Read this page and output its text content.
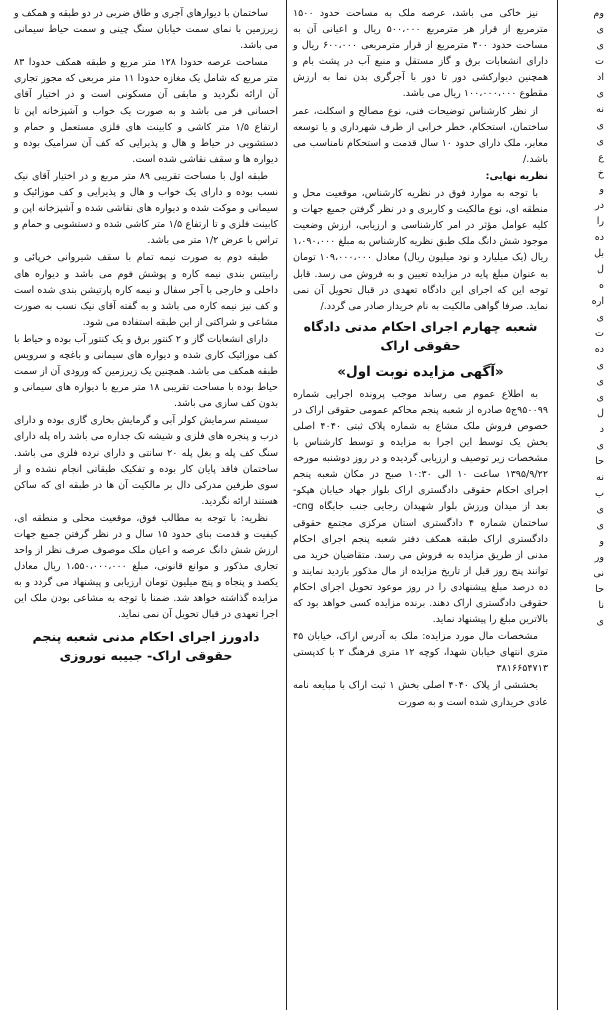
وم
ی
ی
ت
اد
ی
نه
ی
ی
ع
خ
و
در
را
ده
بل
ل
ه
اره
ی
ت
ده
ی
ی
ی
ل
د
ی
حا
نه
ب
ی
ی
و
ور
نی
حا
نا
ی

نیز خاکی می باشد، عرصه ملک به مساحت حدود ۱۵۰۰ مترمربع از قرار هر مترمربع ۵۰۰،۰۰۰ ریال و اعیانی آن به مساحت حدود ۴۰۰ مترمربع از قرار مترمربعی ۶۰۰،۰۰۰ ریال و دارای انشعابات برق و گاز مستقل و منبع آب در پشت بام و همچنین دیوارکشی دور تا دور با آجرگری بدن نما به ارزش مقطوع ۱۰۰،۰۰۰،۰۰۰ ریال می باشد.

از نظر کارشناس توضیحات فنی، نوع مصالح و اسکلت، عمر ساختمان، استحکام، خطر خرابی از طرف شهرداری و یا توسعه معابر، ملک دارای حدود ۱۰ سال قدمت و استحکام نامناسب می باشد./

نظریه نهایی:

با توجه به موارد فوق در نظریه کارشناس، موقعیت محل و منطقه ای، نوع مالکیت و کاربری و در نظر گرفتن جمیع جهات و کلیه عوامل مؤثر در امر کارشناسی و ارزیابی، ارزش وضعیت موجود شش دانگ ملک طبق نظریه کارشناس به مبلغ ۱،۰۹۰،۰۰۰ ریال (یک میلیارد و نود میلیون ریال) معادل ۱۰۹،۰۰۰،۰۰۰ تومان به عنوان مبلغ پایه در مزایده تعیین و به فروش می رسد. قابل توجه این که اجرای این دادگاه تعهدی در قبال تحویل آن نمی نماید. صرفا گواهی مالکیت به نام خریدار صادر می گردد./

شعبه چهارم اجرای احکام مدنی دادگاه حقوقی اراک
«آگهی مزایده نوبت اول»

به اطلاع عموم می رساند موجب پرونده اجرایی شماره ۹۵۰۰۹۹ج۵ صادره از شعبه پنجم محاکم عمومی حقوقی اراک در خصوص فروش ملک مشاع به شماره پلاک ثبتی ۴۰۴۰ اصلی بخش یک توسط این اجرا به مزایده و توسط کارشناس با مشخصات زیر توصیف و ارزیابی گردیده و در روز دوشنبه مورخه ۱۳۹۵/۹/۲۲ ساعت ۱۰ الی ۱۰:۳۰ صبح در مکان شعبه پنجم اجرای احکام حقوقی دادگستری اراک بلوار جهاد خیابان هپکو- بعد از میدان ورزش بلوار شهیدان رجایی جنب جایگاه cng- ساختمان شماره ۴ دادگستری استان مرکزی مجتمع حقوقی دادگستری اراک طبقه همکف دفتر شعبه پنجم اجرای احکام مدنی از طریق مزایده به فروش می رسد. متقاضیان خرید می توانند پنج روز قبل از تاریخ مزایده از مال مذکور بازدید نمایند و ده درصد مبلغ پیشنهادی را در روز موعود تحویل اجرای احکام حقوقی دادگستری اراک دهند. برنده مزایده کسی خواهد بود که بالاترین مبلغ را پیشنهاد نماید.

مشخصات مال مورد مزایده: ملک به آدرس اراک، خیابان ۴۵ متری انتهای خیابان شهدا، کوچه ۱۲ متری فرهنگ ۲ با کدپستی ۳۸۱۶۶۵۴۷۱۳

بخششی از پلاک ۴۰۴۰ اصلی بخش ۱ ثبت اراک با مبایعه نامه عادی خریداری شده است و به صورت

ساختمان با دیوارهای آجری و طاق ضربی در دو طبقه و همکف و زیرزمین با نمای سمت خیابان سنگ چینی و سمت حیاط سیمانی می باشد.

مساحت عرصه حدودا ۱۲۸ متر مربع و طبقه همکف حدودا ۸۳ متر مربع که شامل یک مغازه حدودا ۱۱ متر مربعی که مجوز تجاری آن ارائه نگردید و مابقی آن مسکونی است و در اختیار آقای احسانی فر می باشد و به صورت یک خواب و آشپزخانه اپن تا ارتفاع ۱/۵ متر کاشی و کابینت های فلزی مستعمل و حمام و دستشویی در حیاط و هال و پذیرایی که کف آن سرامیک بوده و دیواره ها و سقف نقاشی شده است.

طبقه اول با مساحت تقریبی ۸۹ متر مربع و در اختیار آقای نیک نسب بوده و دارای یک خواب و هال و پذیرایی و کف موزائیک و سیمانی و موکت شده و دیواره های نقاشی شده و آشپزخانه اپن و کابینت فلزی و تا ارتفاع ۱/۵ متر کاشی شده و دستشویی و حمام و تراس با عرض ۱/۲ متر می باشد.

طبقه دوم به صورت نیمه تمام با سقف شیروانی خرپائی و رابیتس بندی نیمه کاره و پوشش فوم می باشد و دیواره های داخلی و خارجی با آجر سفال و نیمه کاره پارتیشن بندی شده است و کف نیز نیمه کاره می باشد و به گفته آقای نیک نسب به صورت مشاعی و شراکتی از این طبقه استفاده می شود.

دارای انشعابات گاز و ۲ کنتور برق و یک کنتور آب بوده و حیاط با کف موزائیک کاری شده و دیواره های سیمانی و باغچه و سرویس طبقه همکف می باشد. همچنین یک زیرزمین که ورودی آن از سمت حیاط بوده با مساحت تقریبی ۱۸ متر مربع با دیواره های سیمانی و بدون کف سازی می باشد.

سیستم سرمایش کولر آبی و گرمایش بخاری گازی بوده و دارای درب و پنجره های فلزی و شیشه تک جداره می باشد راه پله دارای سنگ کف پله و بغل پله ۲۰ سانتی و دارای نرده فلزی می باشد. ساختمان فاقد پایان کار بوده و تفکیک طبقاتی انجام نشده و از سوی طرفین مدرکی دال بر مالکیت آن ها در طبقه ای که ساکن هستند ارائه نگردید.

نظریه: با توجه به مطالب فوق، موقعیت محلی و منطقه ای، کیفیت و قدمت بنای حدود ۱۵ سال و در نظر گرفتن جمیع جهات ارزش شش دانگ عرصه و اعیان ملک موصوف صرف نظر از واحد تجاری مذکور و موانع قانونی، مبلغ ۱،۵۵۰،۰۰۰،۰۰۰ ریال معادل یکصد و پنجاه و پنج میلیون تومان ارزیابی و پیشنهاد می گردد و به مزایده گذاشته خواهد شد. ضمنا با توجه به مشاعی بودن ملک این اجرا تعهدی در قبال تحویل آن نمی نماید.

دادورز اجرای احکام مدنی شعبه پنجم حقوقی اراک- جبیبه نوروزی
